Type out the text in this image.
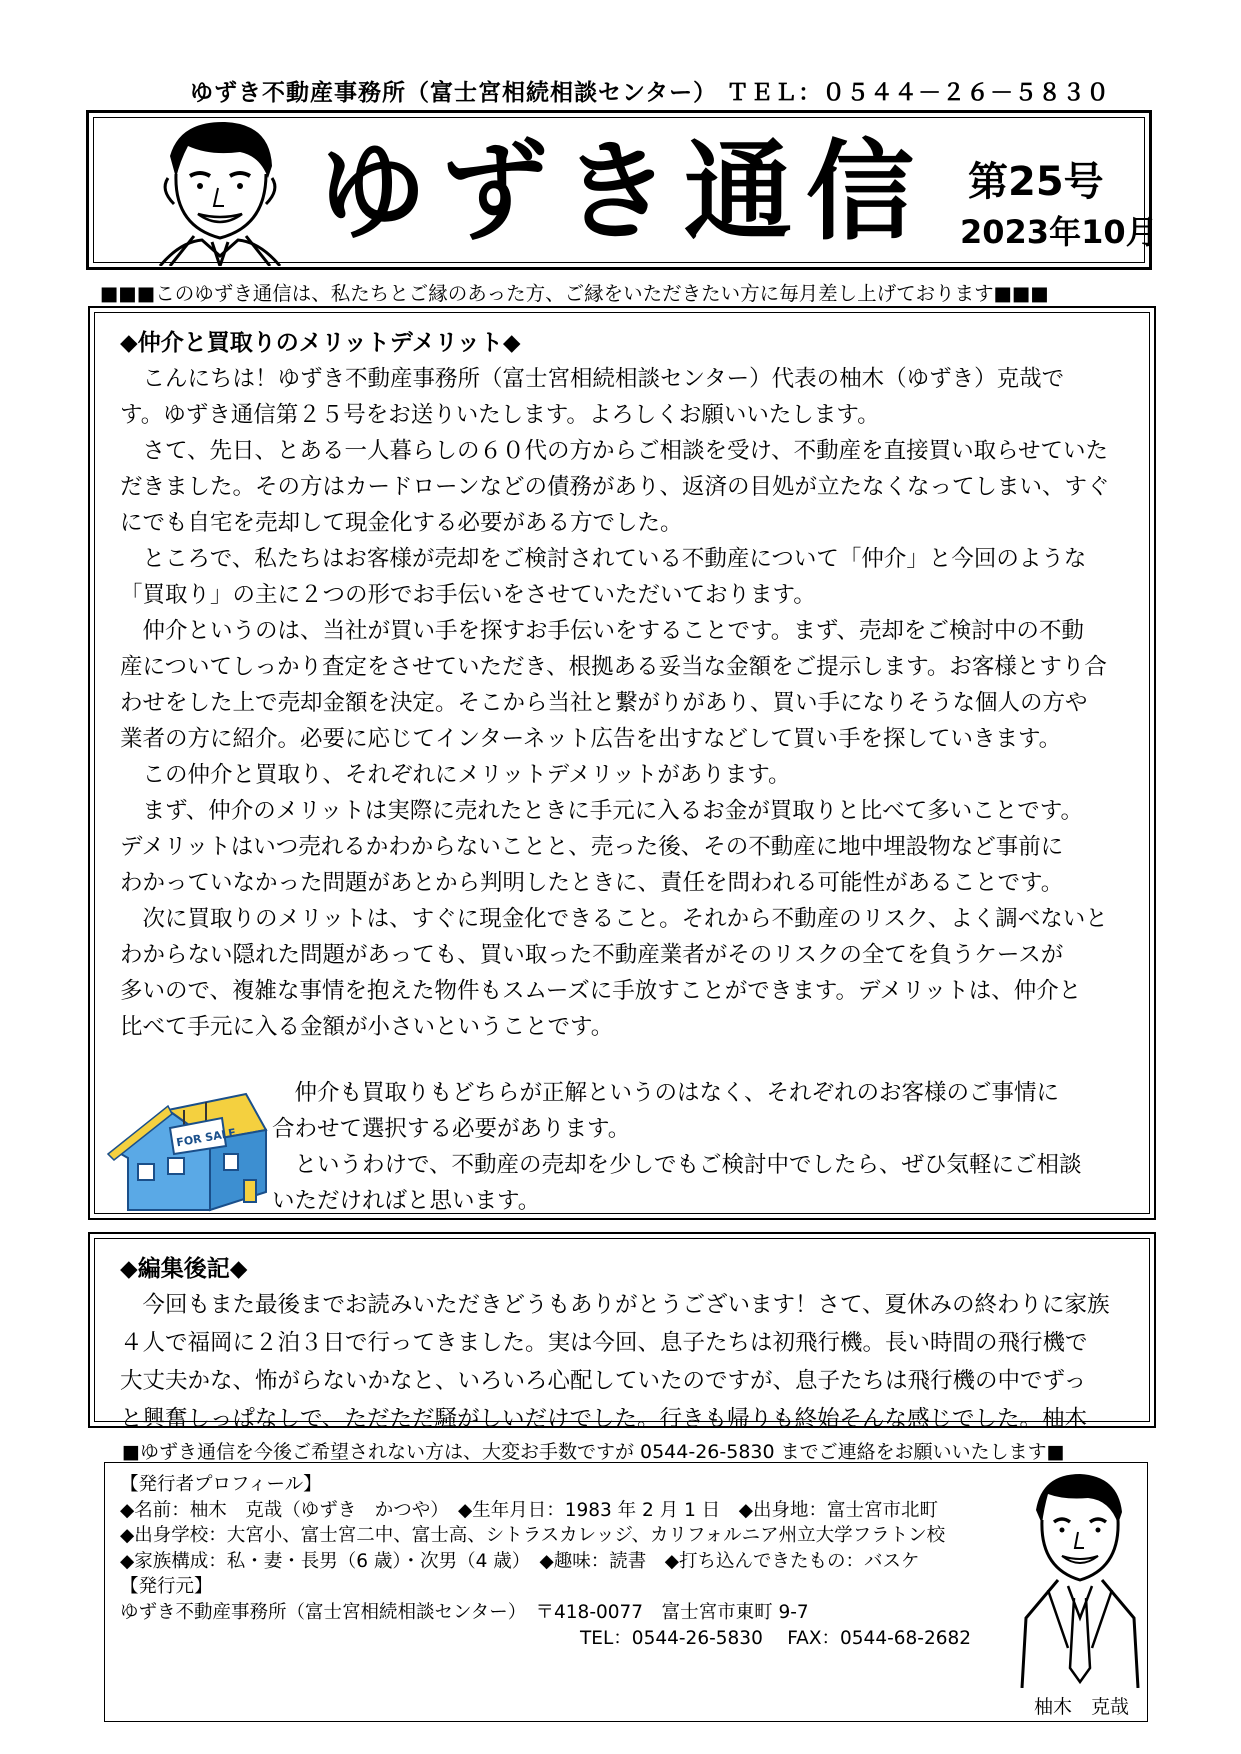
ゆずき不動産事務所（富士宮相続相談センター） ＴＥＬ：０５４４－２６－５８３０
ゆずき通信 第25号
2023年10月
■■■このゆずき通信は、私たちとご縁のあった方、ご縁をいただきたい方に毎月差し上げております■■■
◆仲介と買取りのメリットデメリット◆
こんにちは！ゆずき不動産事務所（富士宮相続相談センター）代表の柚木（ゆずき）克哉で
す。ゆずき通信第２５号をお送りいたします。よろしくお願いいたします。
さて、先日、とある一人暮らしの６０代の方からご相談を受け、不動産を直接買い取らせていた
だきました。その方はカードローンなどの債務があり、返済の目処が立たなくなってしまい、すぐ
にでも自宅を売却して現金化する必要がある方でした。
ところで、私たちはお客様が売却をご検討されている不動産について「仲介」と今回のような
「買取り」の主に２つの形でお手伝いをさせていただいております。
仲介というのは、当社が買い手を探すお手伝いをすることです。まず、売却をご検討中の不動
産についてしっかり査定をさせていただき、根拠ある妥当な金額をご提示します。お客様とすり合
わせをした上で売却金額を決定。そこから当社と繋がりがあり、買い手になりそうな個人の方や
業者の方に紹介。必要に応じてインターネット広告を出すなどして買い手を探していきます。
この仲介と買取り、それぞれにメリットデメリットがあります。
まず、仲介のメリットは実際に売れたときに手元に入るお金が買取りと比べて多いことです。
デメリットはいつ売れるかわからないことと、売った後、その不動産に地中埋設物など事前に
わかっていなかった問題があとから判明したときに、責任を問われる可能性があることです。
次に買取りのメリットは、すぐに現金化できること。それから不動産のリスク、よく調べないと
わからない隠れた問題があっても、買い取った不動産業者がそのリスクの全てを負うケースが
多いので、複雑な事情を抱えた物件もスムーズに手放すことができます。デメリットは、仲介と
比べて手元に入る金額が小さいということです。
FOR SALE
仲介も買取りもどちらが正解というのはなく、それぞれのお客様のご事情に
合わせて選択する必要があります。
というわけで、不動産の売却を少しでもご検討中でしたら、ぜひ気軽にご相談
いただければと思います。
◆編集後記◆
今回もまた最後までお読みいただきどうもありがとうございます！さて、夏休みの終わりに家族
４人で福岡に２泊３日で行ってきました。実は今回、息子たちは初飛行機。長い時間の飛行機で
大丈夫かな、怖がらないかなと、いろいろ心配していたのですが、息子たちは飛行機の中でずっ
と興奮しっぱなしで、ただただ騒がしいだけでした。行きも帰りも終始そんな感じでした。柚木
■ゆずき通信を今後ご希望されない方は、大変お手数ですが 0544-26-5830 までご連絡をお願いいたします■
【発行者プロフィール】
◆名前：柚木　克哉（ゆずき　かつや）　◆生年月日：1983 年 2 月 1 日　◆出身地：富士宮市北町
◆出身学校：大宮小、富士宮二中、富士高、シトラスカレッジ、カリフォルニア州立大学フラトン校
◆家族構成：私・妻・長男（6 歳）・次男（4 歳）　◆趣味：読書　◆打ち込んできたもの：バスケ
【発行元】
ゆずき不動産事務所（富士宮相続相談センター）　〒418-0077　富士宮市東町 9-7
TEL：0544-26-5830　 FAX：0544-68-2682
柚木　克哉
